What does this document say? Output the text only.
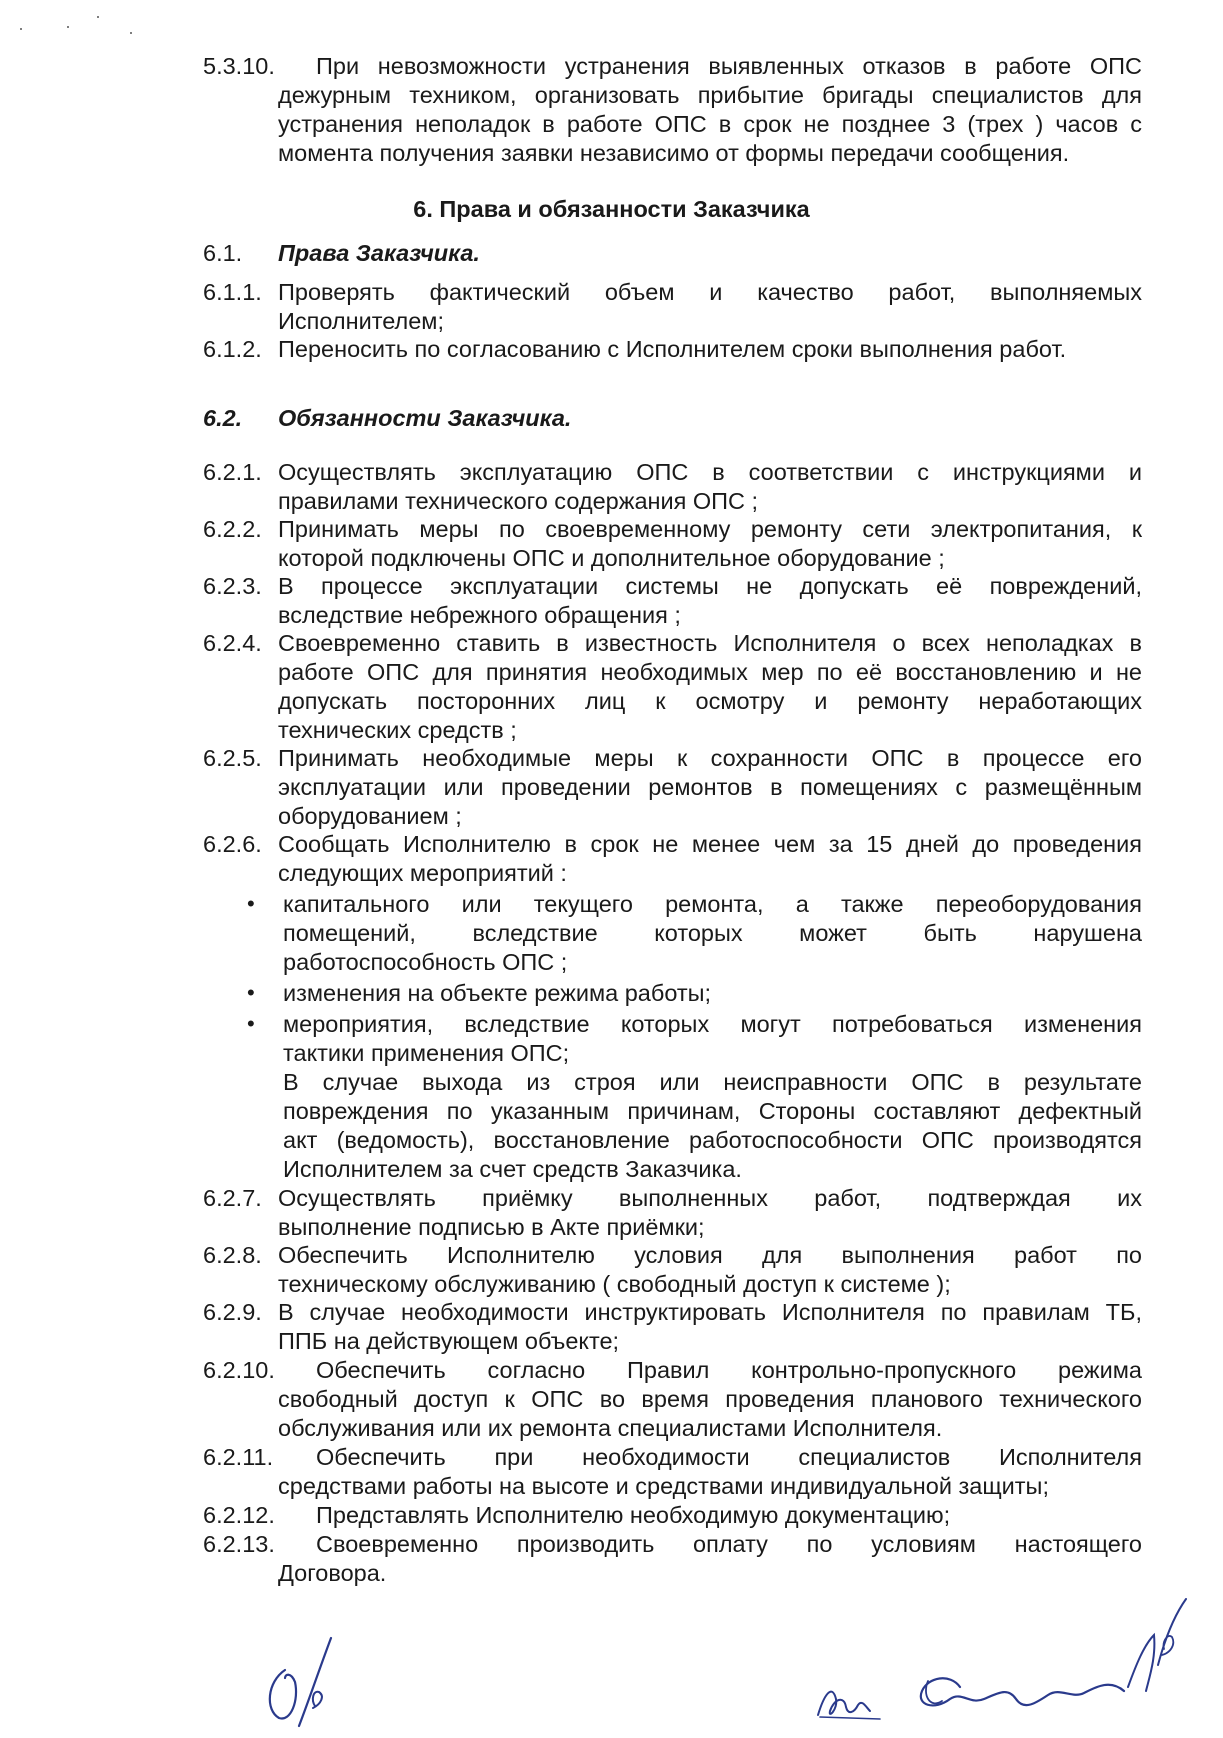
5.3.10. При невозможности устранения выявленных отказов в работе ОПС
дежурным техником, организовать прибытие бригады специалистов для
устранения неполадок в работе ОПС в срок не позднее 3 (трех ) часов с
момента получения заявки независимо от формы передачи сообщения.
6. Права и обязанности Заказчика
6.1. Права Заказчика.
6.1.1. Проверять фактический объем и качество работ, выполняемых
Исполнителем;
6.1.2. Переносить по согласованию с Исполнителем сроки выполнения работ.
6.2. Обязанности Заказчика.
6.2.1. Осуществлять эксплуатацию ОПС в соответствии с инструкциями и
правилами технического содержания ОПС ;
6.2.2. Принимать меры по своевременному ремонту сети электропитания, к
которой подключены ОПС и дополнительное оборудование ;
6.2.3. В процессе эксплуатации системы не допускать её повреждений,
вследствие небрежного обращения ;
6.2.4. Своевременно ставить в известность Исполнителя о всех неполадках в
работе ОПС для принятия необходимых мер по её восстановлению и не
допускать посторонних лиц к осмотру и ремонту неработающих
технических средств ;
6.2.5. Принимать необходимые меры к сохранности ОПС в процессе его
эксплуатации или проведении ремонтов в помещениях с размещённым
оборудованием ;
6.2.6. Сообщать Исполнителю в срок не менее чем за 15 дней до проведения
следующих мероприятий :
• капитального или текущего ремонта, а также переоборудования
помещений, вследствие которых может быть нарушена
работоспособность ОПС ;
• изменения на объекте режима работы;
• мероприятия, вследствие которых могут потребоваться изменения
тактики применения ОПС;
В случае выхода из строя или неисправности ОПС в результате
повреждения по указанным причинам, Стороны составляют дефектный
акт (ведомость), восстановление работоспособности ОПС производятся
Исполнителем за счет средств Заказчика.
6.2.7. Осуществлять приёмку выполненных работ, подтверждая их
выполнение подписью в Акте приёмки;
6.2.8. Обеспечить Исполнителю условия для выполнения работ по
техническому обслуживанию ( свободный доступ к системе );
6.2.9. В случае необходимости инструктировать Исполнителя по правилам ТБ,
ППБ на действующем объекте;
6.2.10. Обеспечить согласно Правил контрольно-пропускного режима
свободный доступ к ОПС во время проведения планового технического
обслуживания или их ремонта специалистами Исполнителя.
6.2.11. Обеспечить при необходимости специалистов Исполнителя
средствами работы на высоте и средствами индивидуальной защиты;
6.2.12. Представлять Исполнителю необходимую документацию;
6.2.13. Своевременно производить оплату по условиям настоящего
Договора.
